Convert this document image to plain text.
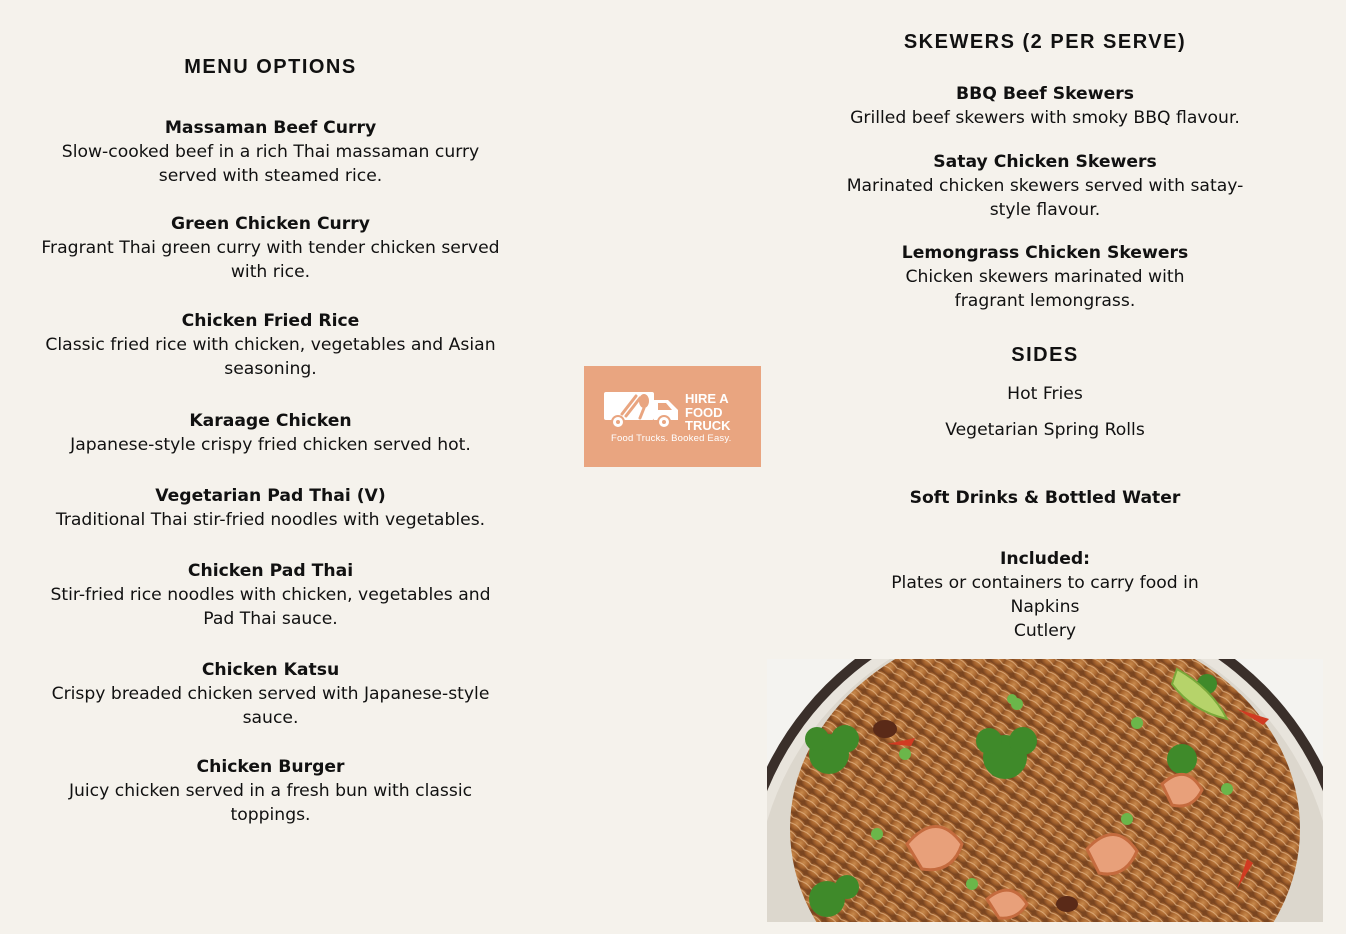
MENU OPTIONS
Massaman Beef Curry
Slow-cooked beef in a rich Thai massaman curry served with steamed rice.
Green Chicken Curry
Fragrant Thai green curry with tender chicken served with rice.
Chicken Fried Rice
Classic fried rice with chicken, vegetables and Asian seasoning.
Karaage Chicken
Japanese-style crispy fried chicken served hot.
Vegetarian Pad Thai (V)
Traditional Thai stir-fried noodles with vegetables.
Chicken Pad Thai
Stir-fried rice noodles with chicken, vegetables and Pad Thai sauce.
Chicken Katsu
Crispy breaded chicken served with Japanese-style sauce.
Chicken Burger
Juicy chicken served in a fresh bun with classic toppings.
HIRE A
FOOD
TRUCK
Food Trucks. Booked Easy.
SKEWERS (2 PER SERVE)
BBQ Beef Skewers
Grilled beef skewers with smoky BBQ flavour.
Satay Chicken Skewers
Marinated chicken skewers served with satay-style flavour.
Lemongrass Chicken Skewers
Chicken skewers marinated with fragrant lemongrass.
SIDES
Hot Fries
Vegetarian Spring Rolls
Soft Drinks & Bottled Water
Included:
Plates or containers to carry food in
Napkins
Cutlery
